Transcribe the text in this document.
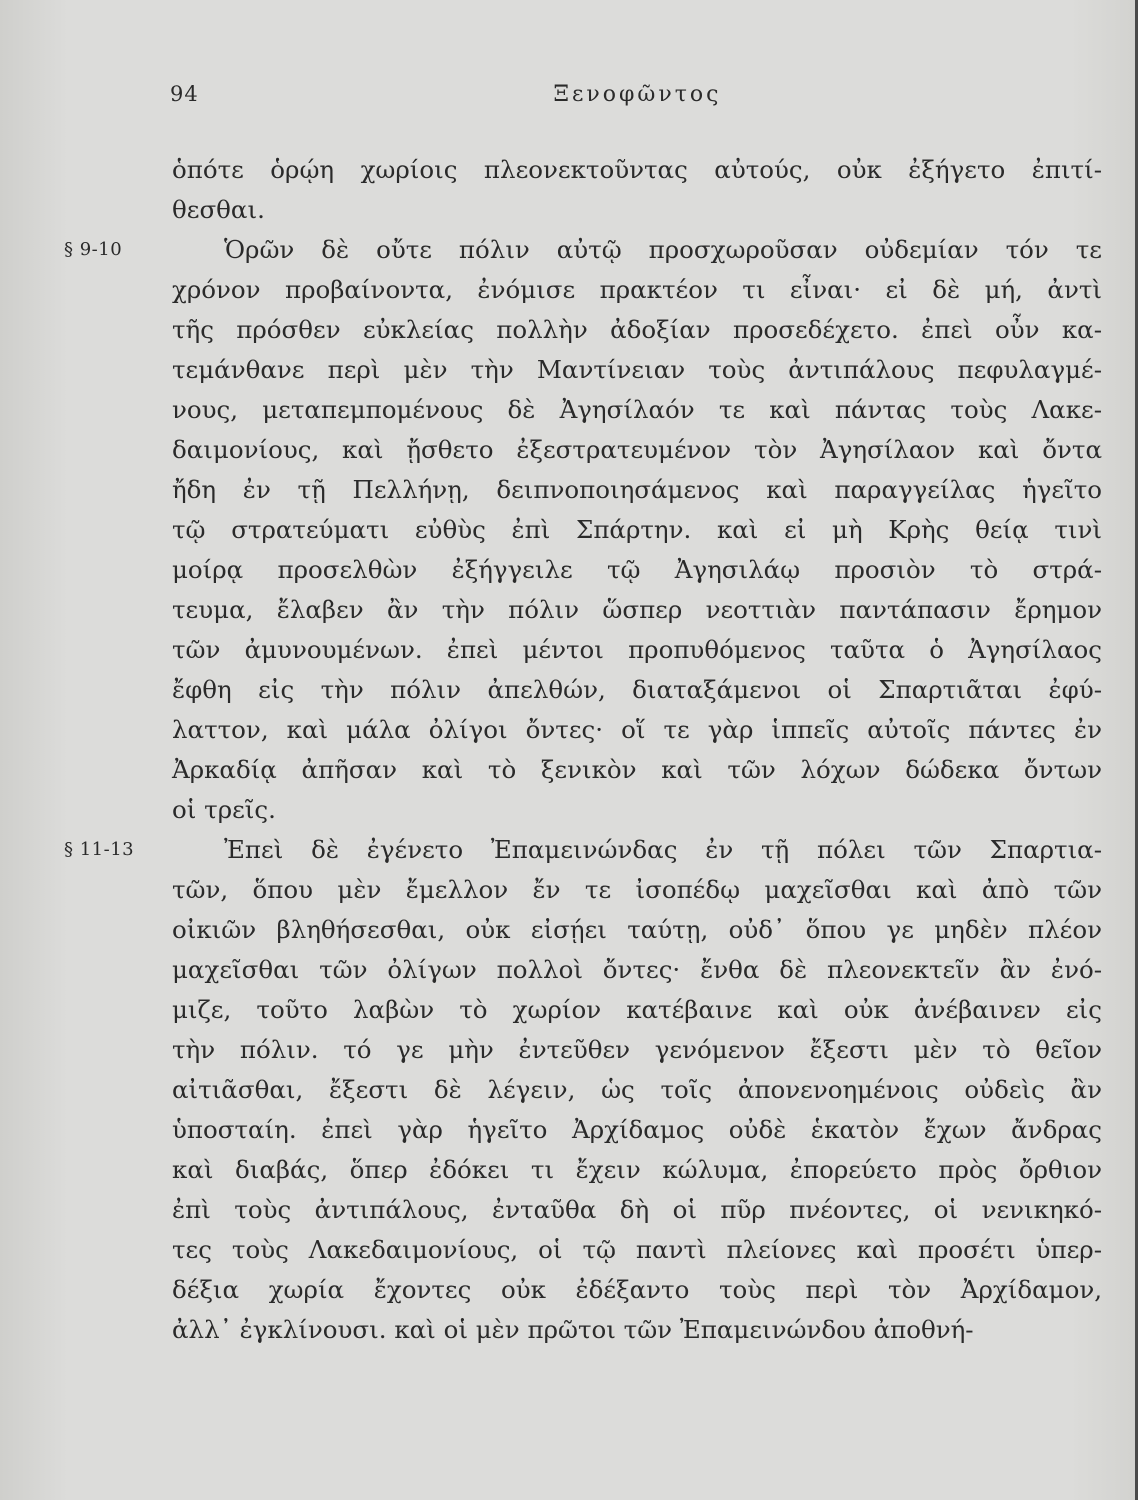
94	Ξενοφῶντος
ὁπότε ὁρῴη χωρίοις πλεονεκτοῦντας αὐτούς, οὐκ ἐξήγετο ἐπιτί-
θεσθαι.
§ 9-10	Ὁρῶν δὲ οὔτε πόλιν αὐτῷ προσχωροῦσαν οὐδεμίαν τόν τε
χρόνον προβαίνοντα, ἐνόμισε πρακτέον τι εἶναι· εἰ δὲ μή, ἀντὶ
τῆς πρόσθεν εὐκλείας πολλὴν ἀδοξίαν προσεδέχετο. ἐπεὶ οὖν κα-
τεμάνθανε περὶ μὲν τὴν Μαντίνειαν τοὺς ἀντιπάλους πεφυλαγμέ-
νους, μεταπεμπομένους δὲ Ἀγησίλαόν τε καὶ πάντας τοὺς Λακε-
δαιμονίους, καὶ ᾔσθετο ἐξεστρατευμένον τὸν Ἀγησίλαον καὶ ὄντα
ἤδη ἐν τῇ Πελλήνῃ, δειπνοποιησάμενος καὶ παραγγείλας ἡγεῖτο
τῷ στρατεύματι εὐθὺς ἐπὶ Σπάρτην. καὶ εἰ μὴ Κρὴς θείᾳ τινὶ
μοίρᾳ προσελθὼν ἐξήγγειλε τῷ Ἀγησιλάῳ προσιὸν τὸ στρά-
τευμα, ἔλαβεν ἂν τὴν πόλιν ὥσπερ νεοττιὰν παντάπασιν ἔρημον
τῶν ἀμυνουμένων. ἐπεὶ μέντοι προπυθόμενος ταῦτα ὁ Ἀγησίλαος
ἔφθη εἰς τὴν πόλιν ἀπελθών, διαταξάμενοι οἱ Σπαρτιᾶται ἐφύ-
λαττον, καὶ μάλα ὀλίγοι ὄντες· οἵ τε γὰρ ἱππεῖς αὐτοῖς πάντες ἐν
Ἀρκαδίᾳ ἀπῆσαν καὶ τὸ ξενικὸν καὶ τῶν λόχων δώδεκα ὄντων
οἱ τρεῖς.
§ 11-13	Ἐπεὶ δὲ ἐγένετο Ἐπαμεινώνδας ἐν τῇ πόλει τῶν Σπαρτια-
τῶν, ὅπου μὲν ἔμελλον ἔν τε ἰσοπέδῳ μαχεῖσθαι καὶ ἀπὸ τῶν
οἰκιῶν βληθήσεσθαι, οὐκ εἰσῄει ταύτῃ, οὐδ᾽ ὅπου γε μηδὲν πλέον
μαχεῖσθαι τῶν ὀλίγων πολλοὶ ὄντες· ἔνθα δὲ πλεονεκτεῖν ἂν ἐνό-
μιζε, τοῦτο λαβὼν τὸ χωρίον κατέβαινε καὶ οὐκ ἀνέβαινεν εἰς
τὴν πόλιν. τό γε μὴν ἐντεῦθεν γενόμενον ἔξεστι μὲν τὸ θεῖον
αἰτιᾶσθαι, ἔξεστι δὲ λέγειν, ὡς τοῖς ἀπονενοημένοις οὐδεὶς ἂν
ὑποσταίη. ἐπεὶ γὰρ ἡγεῖτο Ἀρχίδαμος οὐδὲ ἑκατὸν ἔχων ἄνδρας
καὶ διαβάς, ὅπερ ἐδόκει τι ἔχειν κώλυμα, ἐπορεύετο πρὸς ὄρθιον
ἐπὶ τοὺς ἀντιπάλους, ἐνταῦθα δὴ οἱ πῦρ πνέοντες, οἱ νενικηκό-
τες τοὺς Λακεδαιμονίους, οἱ τῷ παντὶ πλείονες καὶ προσέτι ὑπερ-
δέξια χωρία ἔχοντες οὐκ ἐδέξαντο τοὺς περὶ τὸν Ἀρχίδαμον,
ἀλλ᾽ ἐγκλίνουσι. καὶ οἱ μὲν πρῶτοι τῶν Ἐπαμεινώνδου ἀποθνή-
